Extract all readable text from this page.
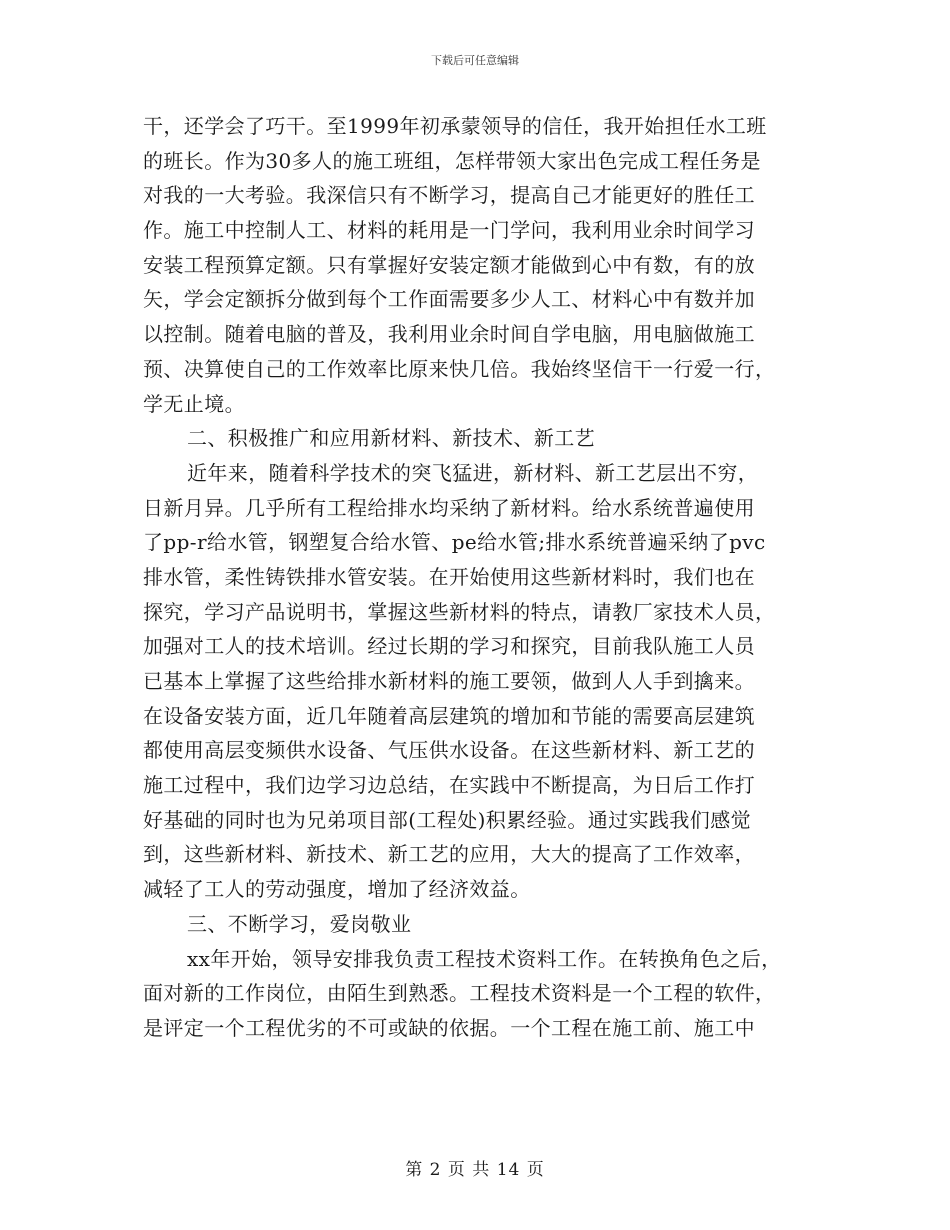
下载后可任意编辑
干，还学会了巧干。至1999年初承蒙领导的信任，我开始担任水工班
的班长。作为30多人的施工班组，怎样带领大家出色完成工程任务是
对我的一大考验。我深信只有不断学习，提高自己才能更好的胜任工
作。施工中控制人工、材料的耗用是一门学问，我利用业余时间学习
安装工程预算定额。只有掌握好安装定额才能做到心中有数，有的放
矢，学会定额拆分做到每个工作面需要多少人工、材料心中有数并加
以控制。随着电脑的普及，我利用业余时间自学电脑，用电脑做施工
预、决算使自己的工作效率比原来快几倍。我始终坚信干一行爱一行，
学无止境。
二、积极推广和应用新材料、新技术、新工艺
近年来，随着科学技术的突飞猛进，新材料、新工艺层出不穷，
日新月异。几乎所有工程给排水均采纳了新材料。给水系统普遍使用
了pp-r给水管，钢塑复合给水管、pe给水管;排水系统普遍采纳了pvc
排水管，柔性铸铁排水管安装。在开始使用这些新材料时，我们也在
探究，学习产品说明书，掌握这些新材料的特点，请教厂家技术人员，
加强对工人的技术培训。经过长期的学习和探究，目前我队施工人员
已基本上掌握了这些给排水新材料的施工要领，做到人人手到擒来。
在设备安装方面，近几年随着高层建筑的增加和节能的需要高层建筑
都使用高层变频供水设备、气压供水设备。在这些新材料、新工艺的
施工过程中，我们边学习边总结，在实践中不断提高，为日后工作打
好基础的同时也为兄弟项目部(工程处)积累经验。通过实践我们感觉
到，这些新材料、新技术、新工艺的应用，大大的提高了工作效率，
减轻了工人的劳动强度，增加了经济效益。
三、不断学习，爱岗敬业
xx年开始，领导安排我负责工程技术资料工作。在转换角色之后，
面对新的工作岗位，由陌生到熟悉。工程技术资料是一个工程的软件，
是评定一个工程优劣的不可或缺的依据。一个工程在施工前、施工中
第 2 页 共 14 页
